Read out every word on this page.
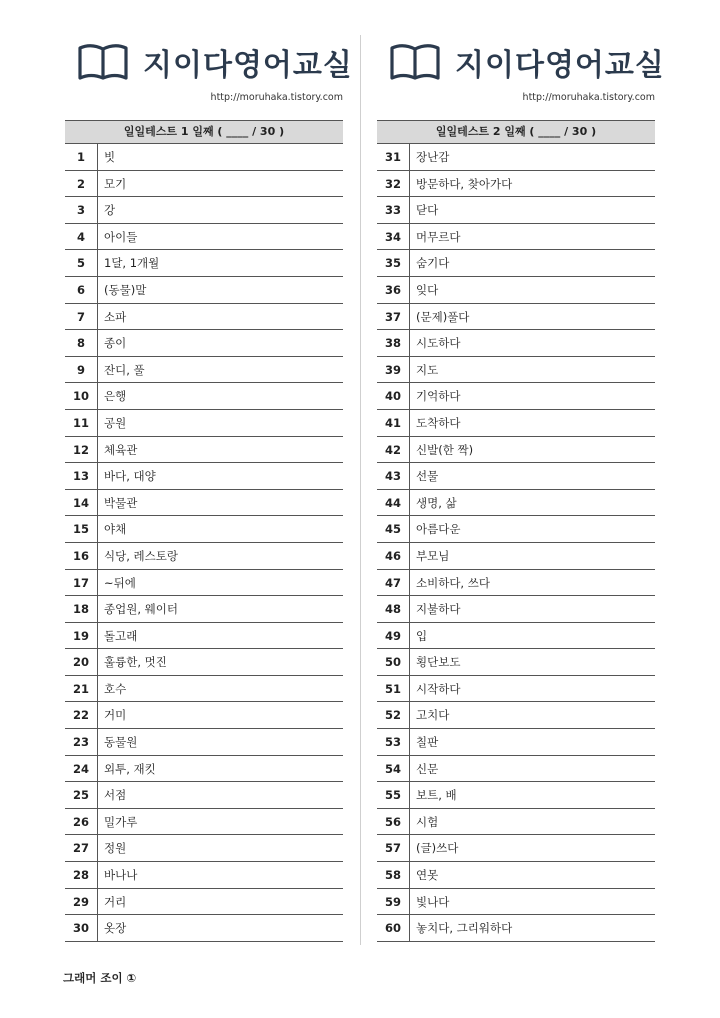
지이다영어교실
http://moruhaka.tistory.com
일일테스트 1 일째 ( ____ / 30 )
1	빗
2	모기
3	강
4	아이들
5	1달, 1개월
6	(동물)말
7	소파
8	종이
9	잔디, 풀
10	은행
11	공원
12	체육관
13	바다, 대양
14	박물관
15	야채
16	식당, 레스토랑
17	~뒤에
18	종업원, 웨이터
19	돌고래
20	훌륭한, 멋진
21	호수
22	거미
23	동물원
24	외투, 재킷
25	서점
26	밀가루
27	정원
28	바나나
29	거리
30	옷장
지이다영어교실
http://moruhaka.tistory.com
일일테스트 2 일째 ( ____ / 30 )
31	장난감
32	방문하다, 찾아가다
33	닫다
34	머무르다
35	숨기다
36	잊다
37	(문제)풀다
38	시도하다
39	지도
40	기억하다
41	도착하다
42	신발(한 짝)
43	선물
44	생명, 삶
45	아름다운
46	부모님
47	소비하다, 쓰다
48	지불하다
49	입
50	횡단보도
51	시작하다
52	고치다
53	칠판
54	신문
55	보트, 배
56	시험
57	(글)쓰다
58	연못
59	빛나다
60	놓치다, 그리워하다
그래머 조이 ①
